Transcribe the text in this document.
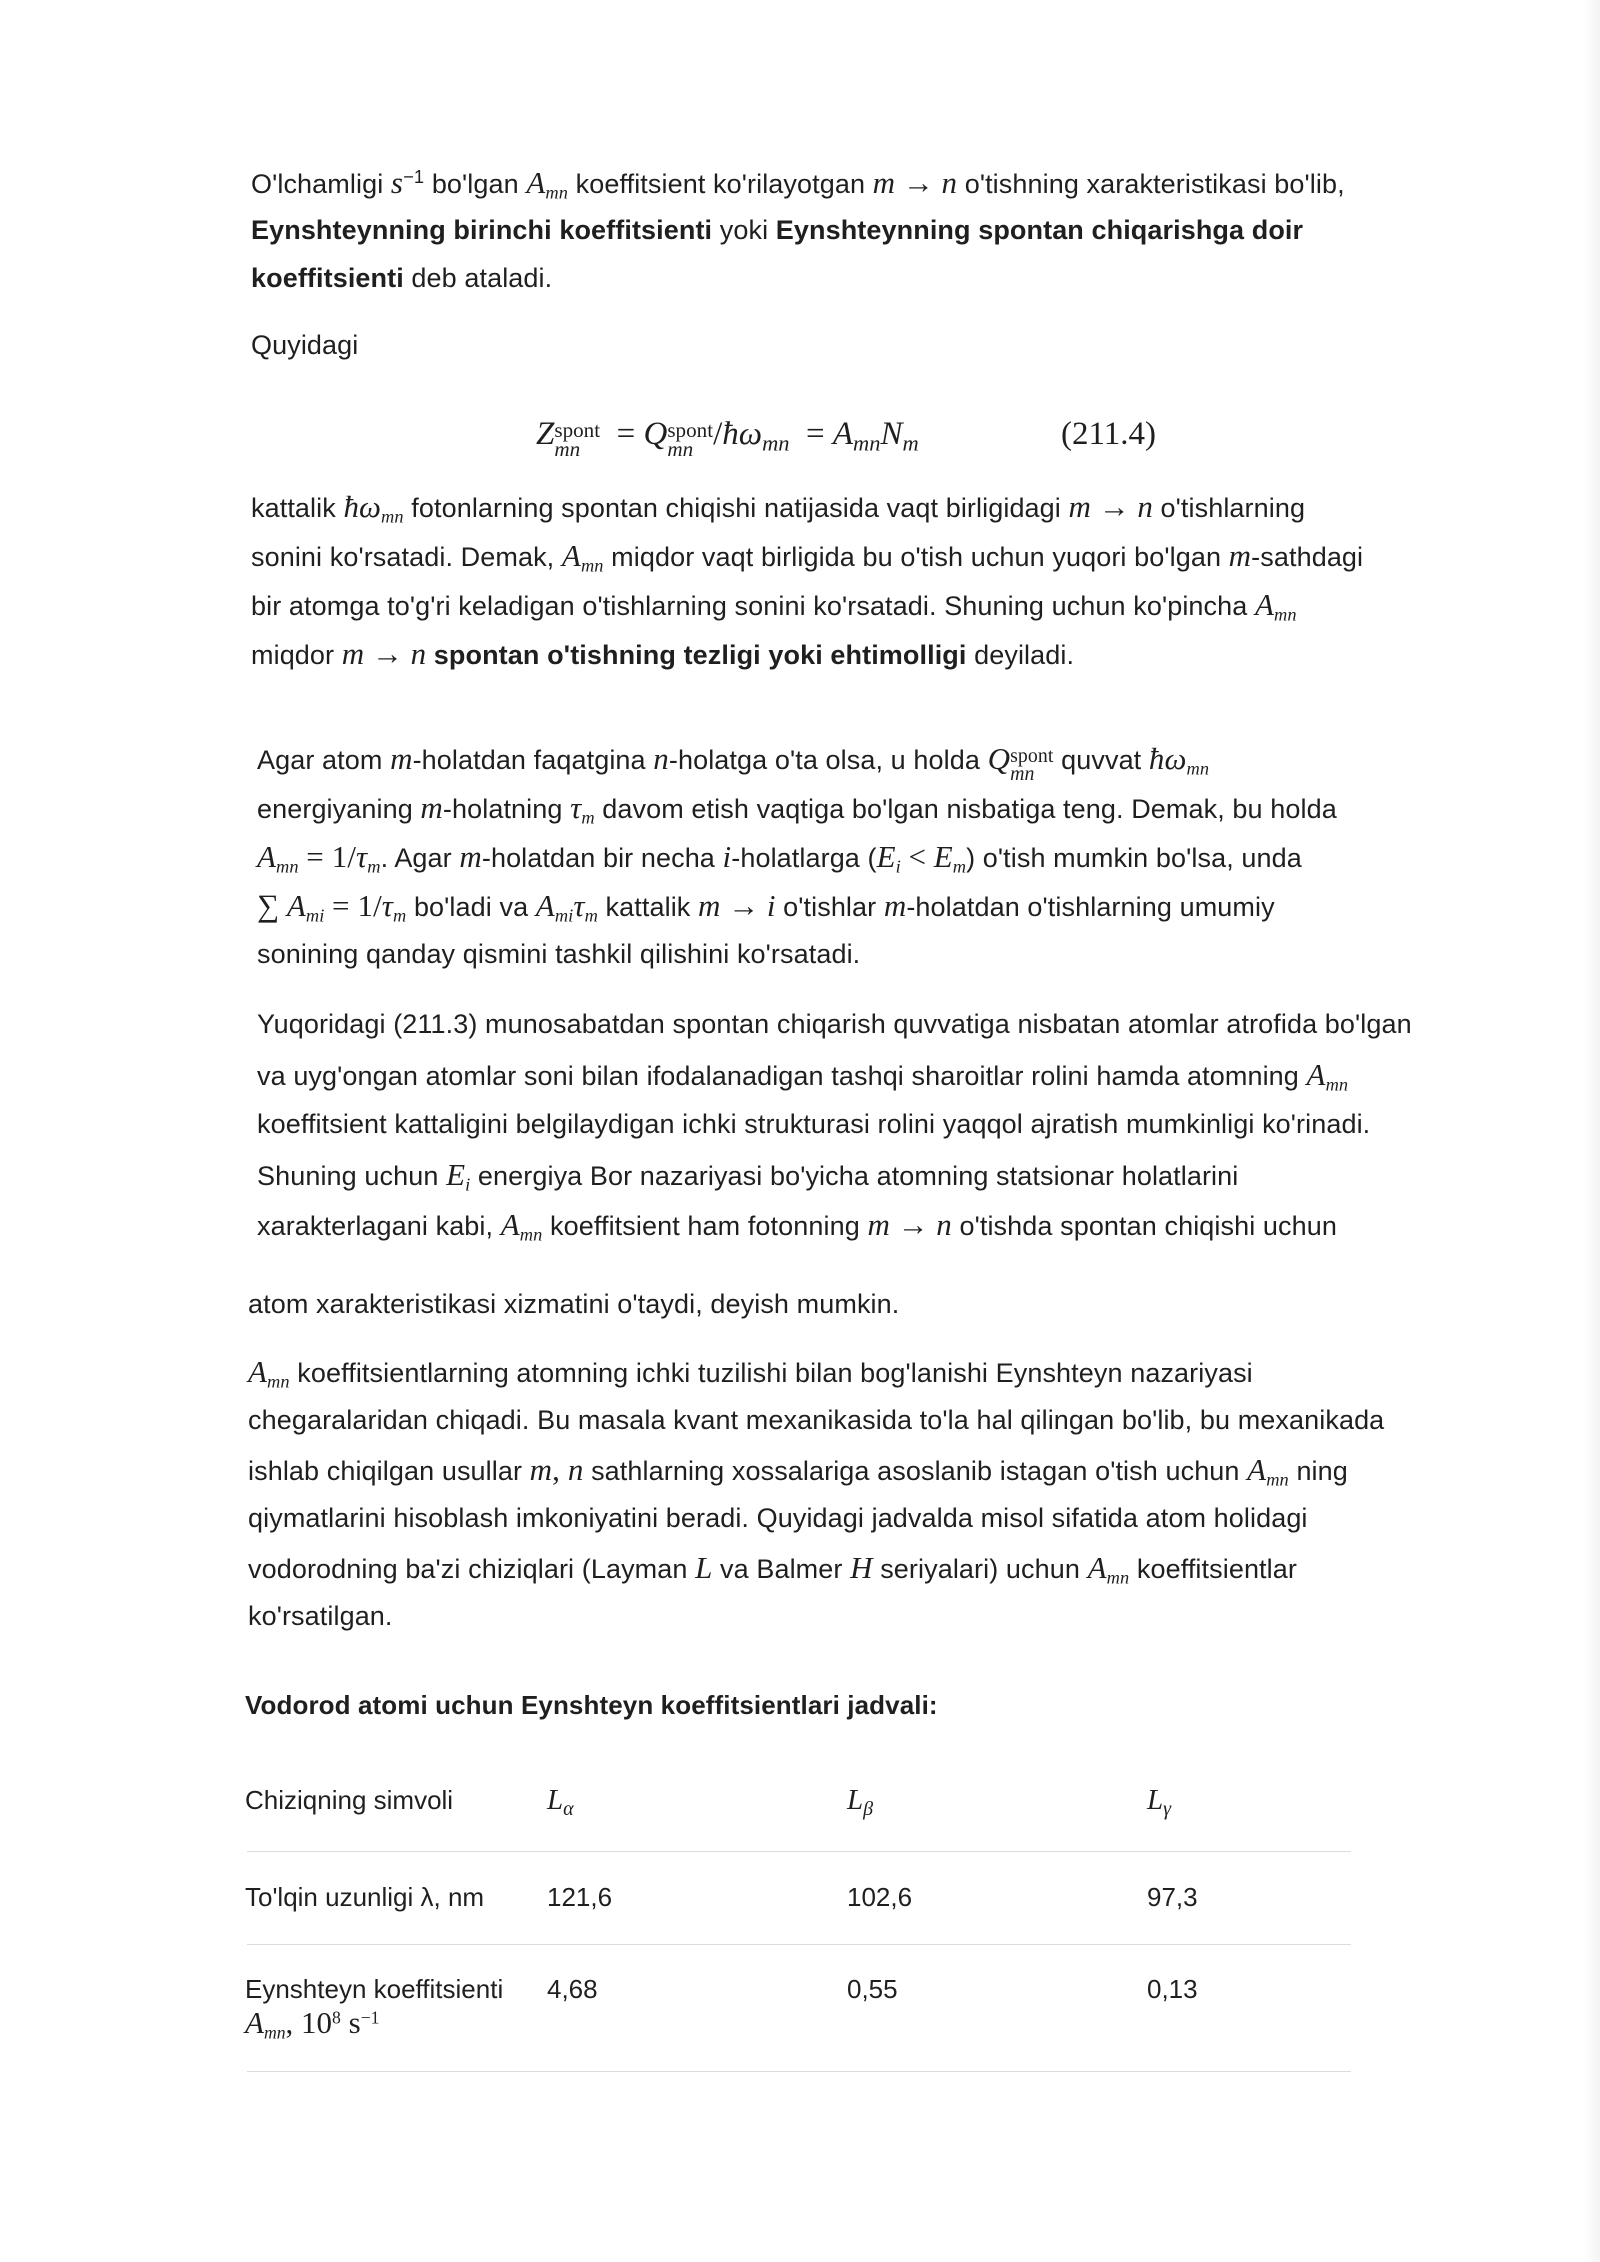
O'lchamligi $s^{-1}$ bo'lgan $A_{mn}$ koeffitsient ko'rilayotgan m → n o'tishning xarakteristikasi bo'lib,
Eynshteynning birinchi koeffitsienti yoki Eynshteynning spontan chiqarishga doir
koeffitsienti deb ataladi.
Quyidagi
Z spont
mn = Q spont
mn $/ħ\omega_{mn} = A_{mn}N_m$	(211.4)
kattalik $ħ\omega_{mn}$ fotonlarning spontan chiqishi natijasida vaqt birligidagi m → n o'tishlarning
sonini ko'rsatadi. Demak, $A_{mn}$ miqdor vaqt birligida bu o'tish uchun yuqori bo'lgan m-sathdagi
bir atomga to'g'ri keladigan o'tishlarning sonini ko'rsatadi. Shuning uchun ko'pincha $A_{mn}$
miqdor m → n spontan o'tishning tezligi yoki ehtimolligi deyiladi.
Agar atom m-holatdan faqatgina n-holatga o'ta olsa, u holda Q spont
mn quvvat $ħ\omega_{mn}$
energiyaning m-holatning $\tau_m$ davom etish vaqtiga bo'lgan nisbatiga teng. Demak, bu holda
$A_{mn} = 1/\tau_m$. Agar m-holatdan bir necha i-holatlarga $(E_i < E_m)$ o'tish mumkin bo'lsa, unda
∑ $A_{mi} = 1/\tau_m$ bo'ladi va $A_{mi}\tau_m$ kattalik m → i o'tishlar m-holatdan o'tishlarning umumiy
sonining qanday qismini tashkil qilishini ko'rsatadi.
Yuqoridagi (211.3) munosabatdan spontan chiqarish quvvatiga nisbatan atomlar atrofida bo'lgan
va uyg'ongan atomlar soni bilan ifodalanadigan tashqi sharoitlar rolini hamda atomning $A_{mn}$
koeffitsient kattaligini belgilaydigan ichki strukturasi rolini yaqqol ajratish mumkinligi ko'rinadi.
Shuning uchun $E_i$ energiya Bor nazariyasi bo'yicha atomning statsionar holatlarini
xarakterlagani kabi, $A_{mn}$ koeffitsient ham fotonning m → n o'tishda spontan chiqishi uchun
atom xarakteristikasi xizmatini o'taydi, deyish mumkin.
$A_{mn}$ koeffitsientlarning atomning ichki tuzilishi bilan bog'lanishi Eynshteyn nazariyasi
chegaralaridan chiqadi. Bu masala kvant mexanikasida to'la hal qilingan bo'lib, bu mexanikada
ishlab chiqilgan usullar m, n sathlarning xossalariga asoslanib istagan o'tish uchun $A_{mn}$ ning
qiymatlarini hisoblash imkoniyatini beradi. Quyidagi jadvalda misol sifatida atom holidagi
vodorodning ba'zi chiziqlari (Layman L va Balmer H seriyalari) uchun $A_{mn}$ koeffitsientlar
ko'rsatilgan.
Vodorod atomi uchun Eynshteyn koeffitsientlari jadvali:
Chiziqning simvoli	$L_\alpha$	$L_\beta$	$L_\gamma$
To'lqin uzunligi λ, nm 121,6	102,6	97,3
Eynshteyn koeffitsienti
$A_{mn}$, $10^8$ $s^{-1}$
4,68	0,55	0,13
